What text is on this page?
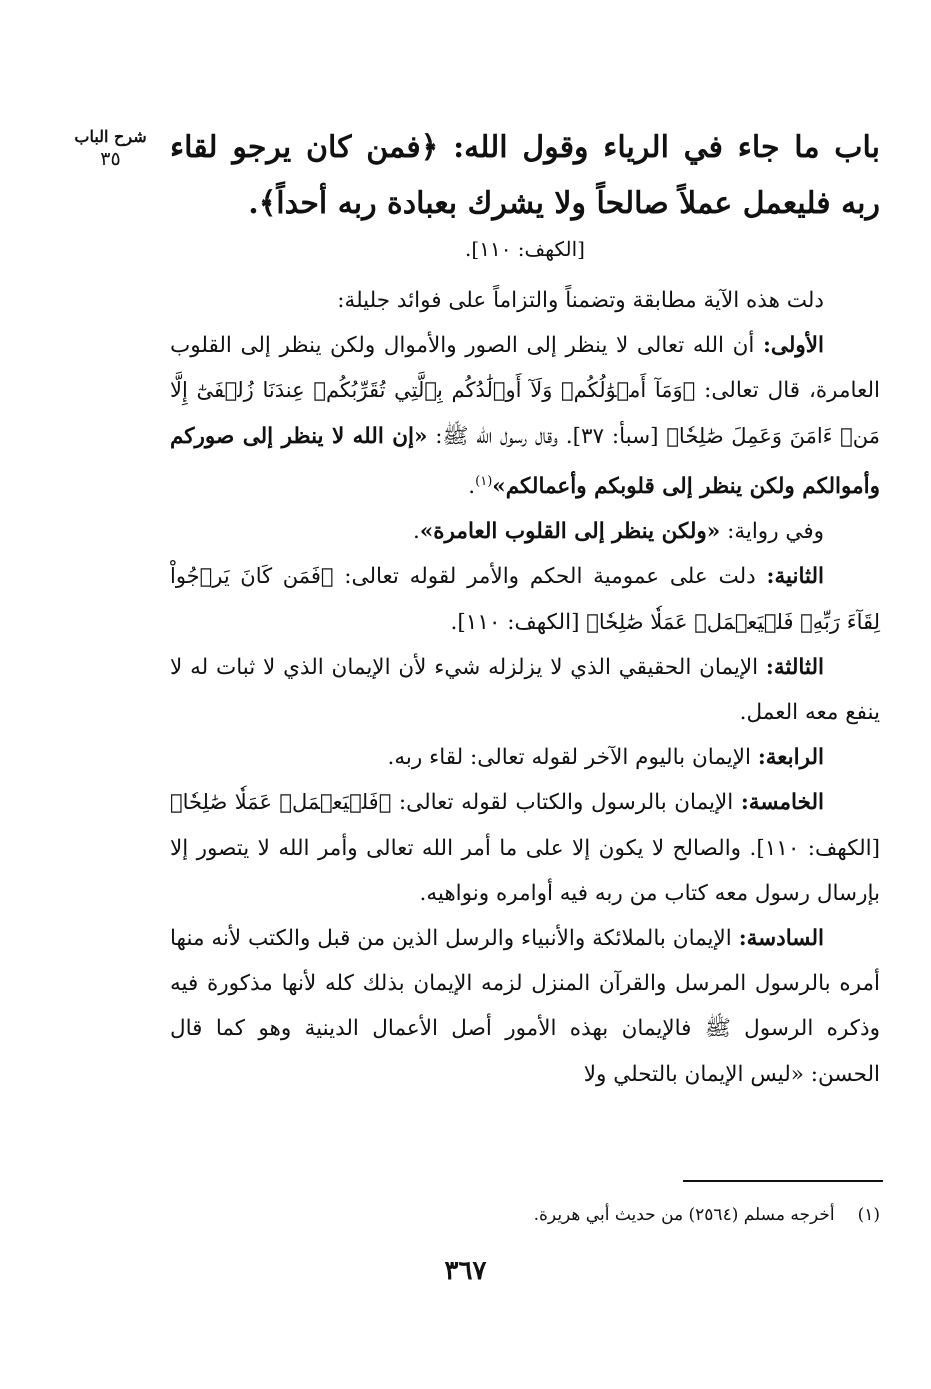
شرح الباب
٣٥	باب ما جاء في الرياء وقول الله: ﴿فمن كان يرجو لقاء ربه فليعمل عملاً صالحاً ولا يشرك بعبادة ربه أحداً﴾.
[الكهف: ١١٠].

دلت هذه الآية مطابقة وتضمناً والتزاماً على فوائد جليلة:

الأولى: أن الله تعالى لا ينظر إلى الصور والأموال ولكن ينظر إلى القلوب العامرة، قال تعالى: ﴿وَمَآ أَمۡوَٰلُكُمۡ وَلَآ أَوۡلَٰدُكُم بِٱلَّتِي تُقَرِّبُكُمۡ عِندَنَا زُلۡفَىٰٓ إِلَّا مَنۡ ءَامَنَ وَعَمِلَ صَٰلِحٗا﴾ [سبأ: ٣٧]. وقال رسول الله ﷺ: «إن الله لا ينظر إلى صوركم وأموالكم ولكن ينظر إلى قلوبكم وأعمالكم»$^{(١)}$.

وفي رواية: «ولكن ينظر إلى القلوب العامرة».

الثانية: دلت على عمومية الحكم والأمر لقوله تعالى: ﴿فَمَن كَانَ يَرۡجُواْ لِقَآءَ رَبِّهِۦ فَلۡيَعۡمَلۡ عَمَلٗا صَٰلِحٗا﴾ [الكهف: ١١٠].

الثالثة: الإيمان الحقيقي الذي لا يزلزله شيء لأن الإيمان الذي لا ثبات له لا ينفع معه العمل.

الرابعة: الإيمان باليوم الآخر لقوله تعالى: لقاء ربه.

الخامسة: الإيمان بالرسول والكتاب لقوله تعالى: ﴿فَلۡيَعۡمَلۡ عَمَلٗا صَٰلِحٗا﴾ [الكهف: ١١٠]. والصالح لا يكون إلا على ما أمر الله تعالى وأمر الله لا يتصور إلا بإرسال رسول معه كتاب من ربه فيه أوامره ونواهيه.

السادسة: الإيمان بالملائكة والأنبياء والرسل الذين من قبل والكتب لأنه منها أمره بالرسول المرسل والقرآن المنزل لزمه الإيمان بذلك كله لأنها مذكورة فيه وذكره الرسول ﷺ فالإيمان بهذه الأمور أصل الأعمال الدينية وهو كما قال الحسن: «ليس الإيمان بالتحلي ولا

(١) أخرجه مسلم (٢٥٦٤) من حديث أبي هريرة.
٣٦٧
